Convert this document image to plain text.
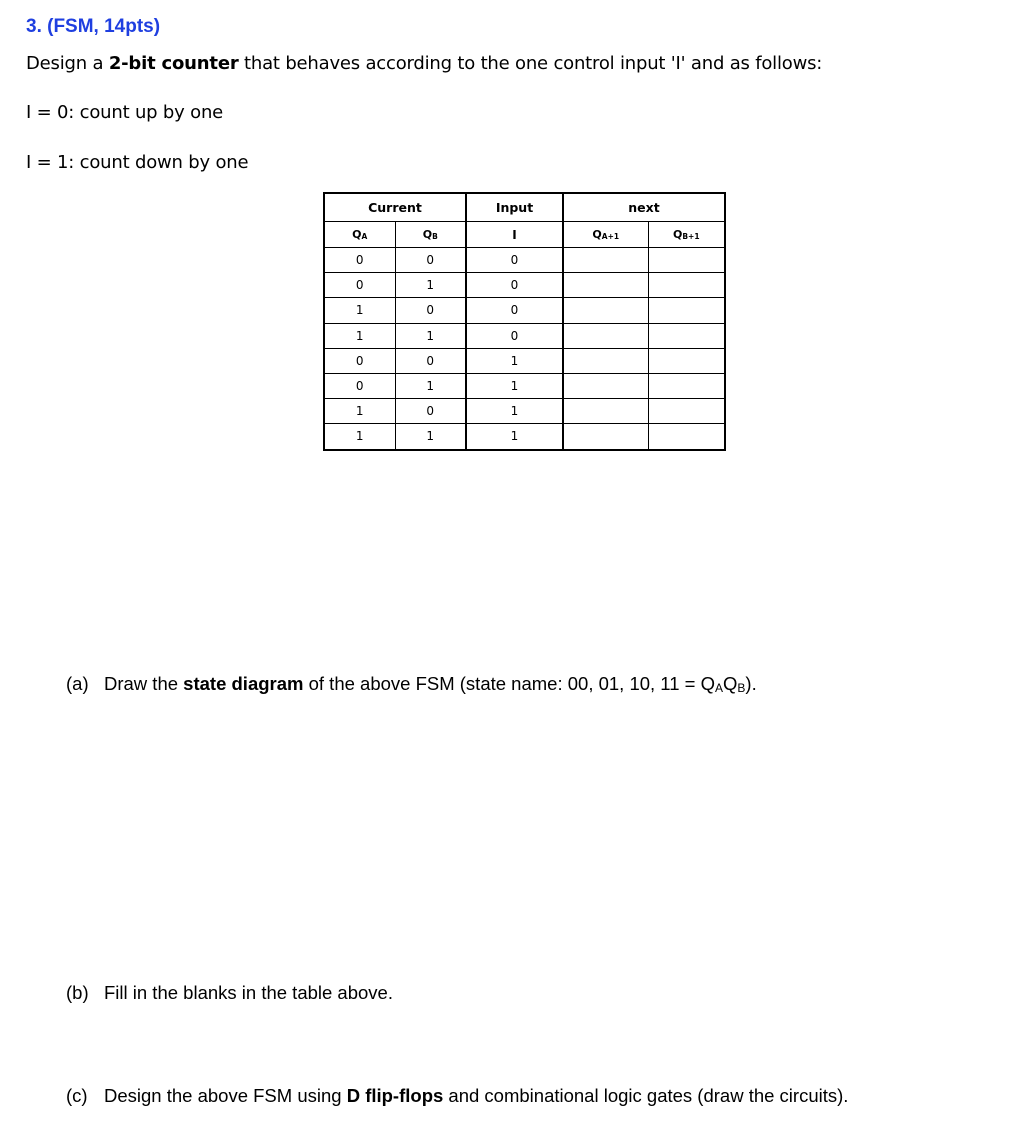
3. (FSM, 14pts)
Design a 2-bit counter that behaves according to the one control input 'I' and as follows:
I = 0: count up by one
I = 1: count down by one
Current		Input	next	
$Q_A$	$Q_B$	I	$Q_{A+1}$	$Q_{B+1}$
0	0	0		
0	1	0		
1	0	0		
1	1	0		
0	0	1		
0	1	1		
1	0	1		
1	1	1		
(a) Draw the state diagram of the above FSM (state name: 00, 01, 10, $11 = Q_AQ_B$).
(b) Fill in the blanks in the table above.
(c) Design the above FSM using D flip-flops and combinational logic gates (draw the circuits).
